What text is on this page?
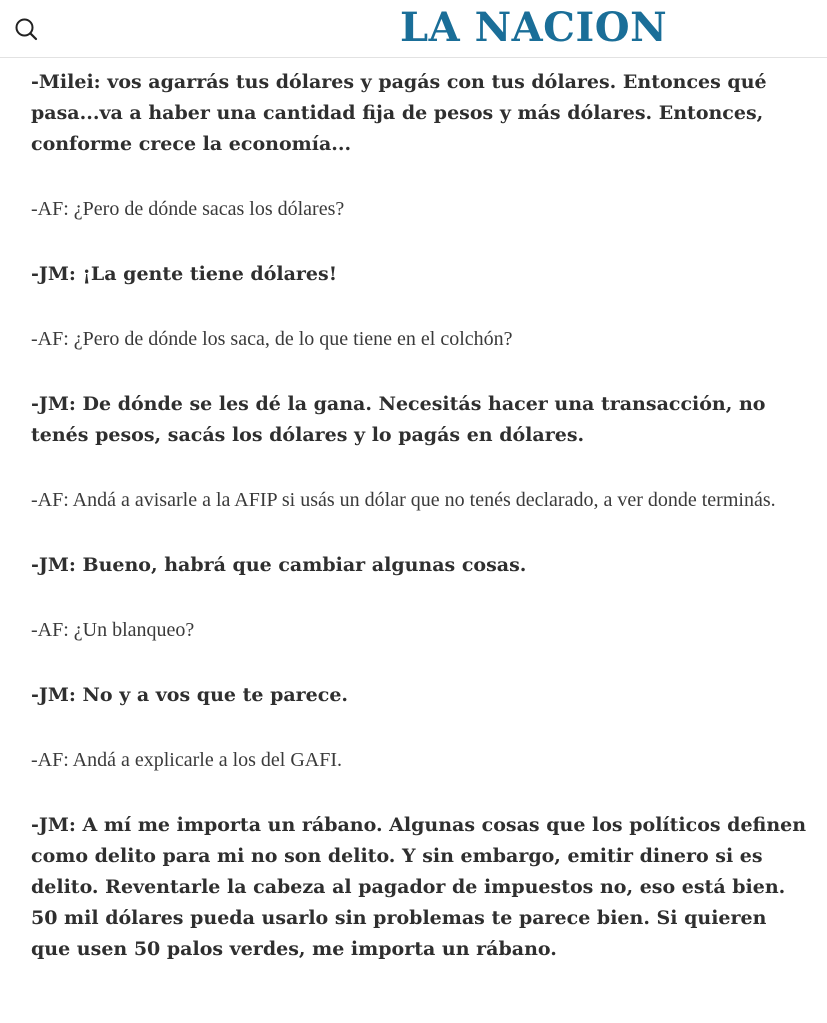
LA NACION

-Milei: vos agarrás tus dólares y pagás con tus dólares. Entonces qué pasa...va a haber una cantidad fija de pesos y más dólares. Entonces, conforme crece la economía...

-AF: ¿Pero de dónde sacas los dólares?

-JM: ¡La gente tiene dólares!

-AF: ¿Pero de dónde los saca, de lo que tiene en el colchón?

-JM: De dónde se les dé la gana. Necesitás hacer una transacción, no tenés pesos, sacás los dólares y lo pagás en dólares.

-AF: Andá a avisarle a la AFIP si usás un dólar que no tenés declarado, a ver donde terminás.

-JM: Bueno, habrá que cambiar algunas cosas.

-AF: ¿Un blanqueo?

-JM: No y a vos que te parece.

-AF: Andá a explicarle a los del GAFI.

-JM: A mí me importa un rábano. Algunas cosas que los políticos definen como delito para mi no son delito. Y sin embargo, emitir dinero si es delito. Reventarle la cabeza al pagador de impuestos no, eso está bien. 50 mil dólares pueda usarlo sin problemas te parece bien. Si quieren que usen 50 palos verdes, me importa un rábano.
